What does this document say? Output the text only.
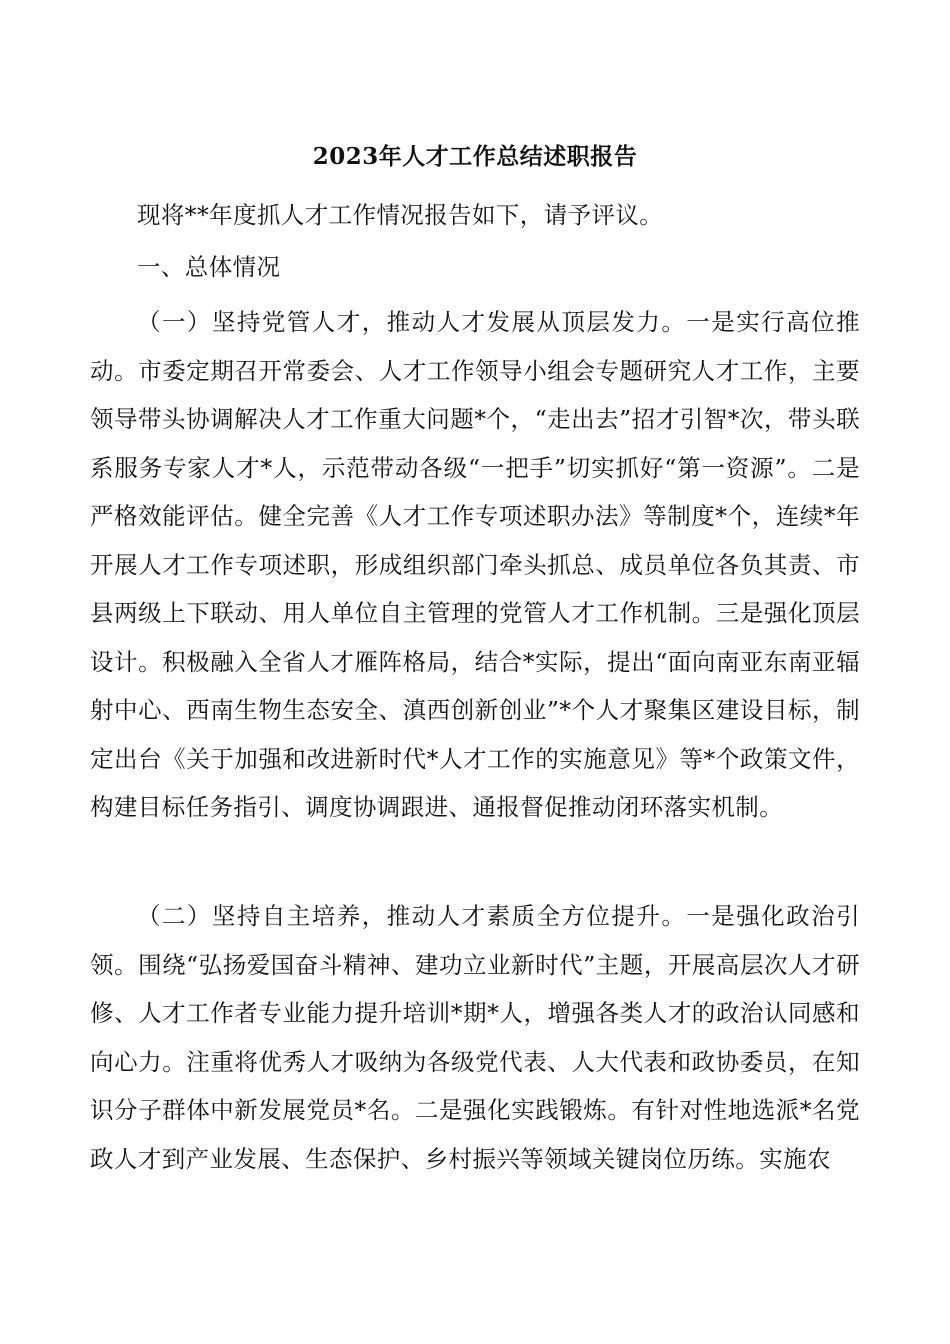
2023年人才工作总结述职报告

现将**年度抓人才工作情况报告如下，请予评议。

一、总体情况

（一）坚持党管人才，推动人才发展从顶层发力。一是实行高位推动。市委定期召开常委会、人才工作领导小组会专题研究人才工作，主要领导带头协调解决人才工作重大问题*个，“走出去”招才引智*次，带头联系服务专家人才*人，示范带动各级“一把手”切实抓好“第一资源”。二是严格效能评估。健全完善《人才工作专项述职办法》等制度*个，连续*年开展人才工作专项述职，形成组织部门牵头抓总、成员单位各负其责、市县两级上下联动、用人单位自主管理的党管人才工作机制。三是强化顶层设计。积极融入全省人才雁阵格局，结合*实际，提出“面向南亚东南亚辐射中心、西南生物生态安全、滇西创新创业”*个人才聚集区建设目标，制定出台《关于加强和改进新时代*人才工作的实施意见》等*个政策文件，构建目标任务指引、调度协调跟进、通报督促推动闭环落实机制。

（二）坚持自主培养，推动人才素质全方位提升。一是强化政治引领。围绕“弘扬爱国奋斗精神、建功立业新时代”主题，开展高层次人才研修、人才工作者专业能力提升培训*期*人，增强各类人才的政治认同感和向心力。注重将优秀人才吸纳为各级党代表、人大代表和政协委员，在知识分子群体中新发展党员*名。二是强化实践锻炼。有针对性地选派*名党政人才到产业发展、生态保护、乡村振兴等领域关键岗位历练。实施农
